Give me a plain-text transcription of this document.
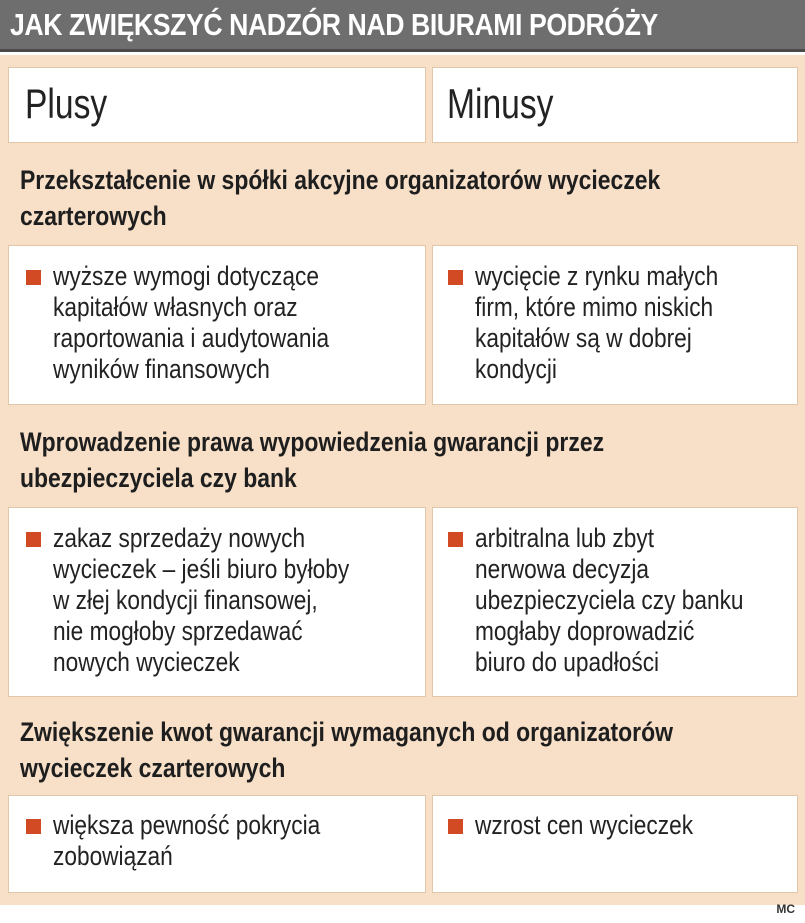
JAK ZWIĘKSZYĆ NADZÓR NAD BIURAMI PODRÓŻY
Plusy	Minusy
Przekształcenie w spółki akcyjne organizatorów wycieczek
czarterowych
wyższe wymogi dotyczące
kapitałów własnych oraz
raportowania i audytowania
wyników finansowych
wycięcie z rynku małych
firm, które mimo niskich
kapitałów są w dobrej
kondycji
Wprowadzenie prawa wypowiedzenia gwarancji przez
ubezpieczyciela czy bank
zakaz sprzedaży nowych
wycieczek – jeśli biuro byłoby
w złej kondycji finansowej,
nie mogłoby sprzedawać
nowych wycieczek
arbitralna lub zbyt
nerwowa decyzja
ubezpieczyciela czy banku
mogłaby doprowadzić
biuro do upadłości
Zwiększenie kwot gwarancji wymaganych od organizatorów
wycieczek czarterowych
większa pewność pokrycia
zobowiązań
wzrost cen wycieczek
MC
